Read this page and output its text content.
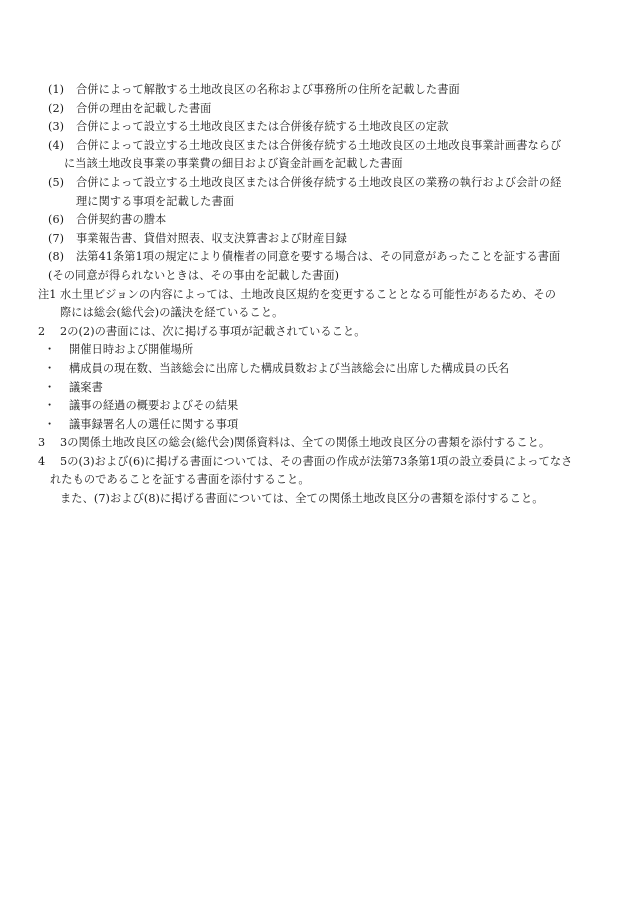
(1)	合併によって解散する土地改良区の名称および事務所の住所を記載した書面
(2)	合併の理由を記載した書面
(3)	合併によって設立する土地改良区または合併後存続する土地改良区の定款
(4)	合併によって設立する土地改良区または合併後存続する土地改良区の土地改良事業計画書ならび
に当該土地改良事業の事業費の細目および資金計画を記載した書面
(5)	合併によって設立する土地改良区または合併後存続する土地改良区の業務の執行および会計の経
理に関する事項を記載した書面
(6)	合併契約書の謄本
(7)	事業報告書、貸借対照表、収支決算書および財産目録
(8)	法第41条第1項の規定により債権者の同意を要する場合は、その同意があったことを証する書面
(その同意が得られないときは、その事由を記載した書面)
注1 水土里ビジョンの内容によっては、土地改良区規約を変更することとなる可能性があるため、その
際には総会(総代会)の議決を経ていること。
2	2の(2)の書面には、次に掲げる事項が記載されていること。
・	開催日時および開催場所
・	構成員の現在数、当該総会に出席した構成員数および当該総会に出席した構成員の氏名
・	議案書
・	議事の経過の概要およびその結果
・	議事録署名人の選任に関する事項
3	3の関係土地改良区の総会(総代会)関係資料は、全ての関係土地改良区分の書類を添付すること。
4	5の(3)および(6)に掲げる書面については、その書面の作成が法第73条第1項の設立委員によってなさ
れたものであることを証する書面を添付すること。
また、(7)および(8)に掲げる書面については、全ての関係土地改良区分の書類を添付すること。
